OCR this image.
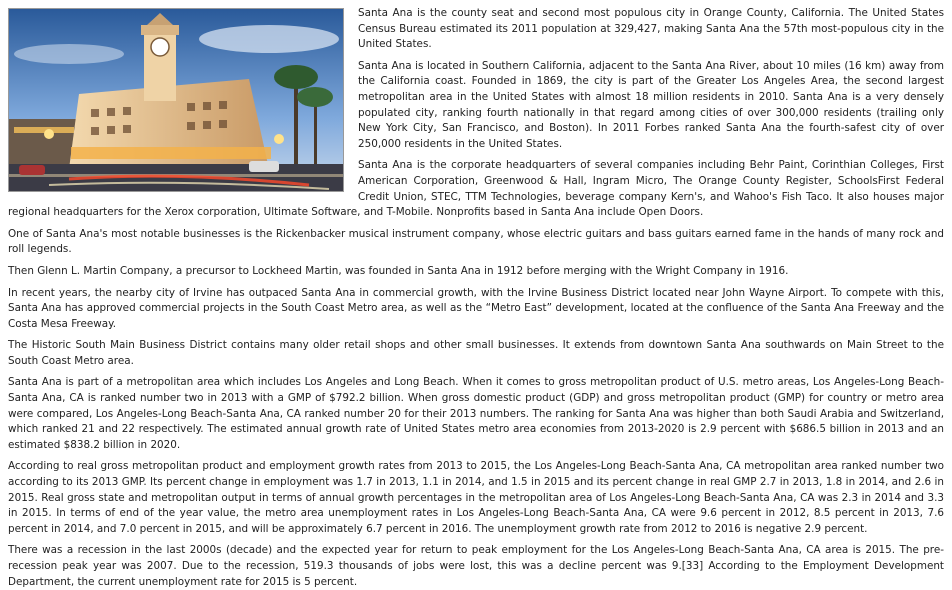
Santa Ana is the county seat and second most populous city in Orange County, California. The United States Census Bureau estimated its 2011 population at 329,427, making Santa Ana the 57th most-populous city in the United States.

Santa Ana is located in Southern California, adjacent to the Santa Ana River, about 10 miles (16 km) away from the California coast. Founded in 1869, the city is part of the Greater Los Angeles Area, the second largest metropolitan area in the United States with almost 18 million residents in 2010. Santa Ana is a very densely populated city, ranking fourth nationally in that regard among cities of over 300,000 residents (trailing only New York City, San Francisco, and Boston). In 2011 Forbes ranked Santa Ana the fourth-safest city of over 250,000 residents in the United States.

Santa Ana is the corporate headquarters of several companies including Behr Paint, Corinthian Colleges, First American Corporation, Greenwood & Hall, Ingram Micro, The Orange County Register, SchoolsFirst Federal Credit Union, STEC, TTM Technologies, beverage company Kern's, and Wahoo's Fish Taco. It also houses major regional headquarters for the Xerox corporation, Ultimate Software, and T-Mobile. Nonprofits based in Santa Ana include Open Doors.

One of Santa Ana's most notable businesses is the Rickenbacker musical instrument company, whose electric guitars and bass guitars earned fame in the hands of many rock and roll legends.

Then Glenn L. Martin Company, a precursor to Lockheed Martin, was founded in Santa Ana in 1912 before merging with the Wright Company in 1916.

In recent years, the nearby city of Irvine has outpaced Santa Ana in commercial growth, with the Irvine Business District located near John Wayne Airport. To compete with this, Santa Ana has approved commercial projects in the South Coast Metro area, as well as the “Metro East” development, located at the confluence of the Santa Ana Freeway and the Costa Mesa Freeway.

The Historic South Main Business District contains many older retail shops and other small businesses. It extends from downtown Santa Ana southwards on Main Street to the South Coast Metro area.

Santa Ana is part of a metropolitan area which includes Los Angeles and Long Beach. When it comes to gross metropolitan product of U.S. metro areas, Los Angeles-Long Beach-Santa Ana, CA is ranked number two in 2013 with a GMP of $792.2 billion. When gross domestic product (GDP) and gross metropolitan product (GMP) for country or metro area were compared, Los Angeles-Long Beach-Santa Ana, CA ranked number 20 for their 2013 numbers. The ranking for Santa Ana was higher than both Saudi Arabia and Switzerland, which ranked 21 and 22 respectively. The estimated annual growth rate of United States metro area economies from 2013-2020 is 2.9 percent with $686.5 billion in 2013 and an estimated $838.2 billion in 2020.

According to real gross metropolitan product and employment growth rates from 2013 to 2015, the Los Angeles-Long Beach-Santa Ana, CA metropolitan area ranked number two according to its 2013 GMP. Its percent change in employment was 1.7 in 2013, 1.1 in 2014, and 1.5 in 2015 and its percent change in real GMP 2.7 in 2013, 1.8 in 2014, and 2.6 in 2015. Real gross state and metropolitan output in terms of annual growth percentages in the metropolitan area of Los Angeles-Long Beach-Santa Ana, CA was 2.3 in 2014 and 3.3 in 2015. In terms of end of the year value, the metro area unemployment rates in Los Angeles-Long Beach-Santa Ana, CA were 9.6 percent in 2012, 8.5 percent in 2013, 7.6 percent in 2014, and 7.0 percent in 2015, and will be approximately 6.7 percent in 2016. The unemployment growth rate from 2012 to 2016 is negative 2.9 percent.

There was a recession in the last 2000s (decade) and the expected year for return to peak employment for the Los Angeles-Long Beach-Santa Ana, CA area is 2015. The pre-recession peak year was 2007. Due to the recession, 519.3 thousands of jobs were lost, this was a decline percent was 9.[33] According to the Employment Development Department, the current unemployment rate for 2015 is 5 percent.
